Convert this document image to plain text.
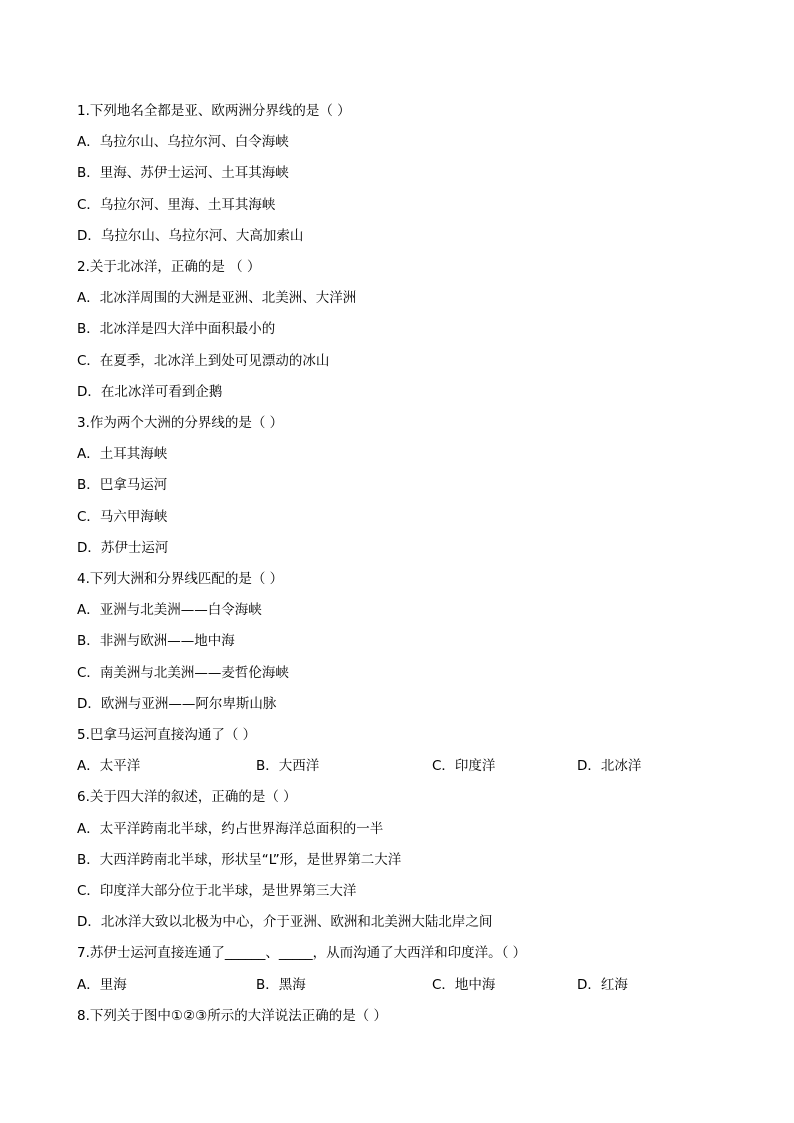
1.下列地名全都是亚、欧两洲分界线的是（ ）
A．乌拉尔山、乌拉尔河、白令海峡
B．里海、苏伊士运河、土耳其海峡
C．乌拉尔河、里海、土耳其海峡
D．乌拉尔山、乌拉尔河、大高加索山
2.关于北冰洋，正确的是 （ ）
A．北冰洋周围的大洲是亚洲、北美洲、大洋洲
B．北冰洋是四大洋中面积最小的
C．在夏季，北冰洋上到处可见漂动的冰山
D．在北冰洋可看到企鹅
3.作为两个大洲的分界线的是（ ）
A．土耳其海峡
B．巴拿马运河
C．马六甲海峡
D．苏伊士运河
4.下列大洲和分界线匹配的是（ ）
A．亚洲与北美洲——白令海峡
B．非洲与欧洲——地中海
C．南美洲与北美洲——麦哲伦海峡
D．欧洲与亚洲——阿尔卑斯山脉
5.巴拿马运河直接沟通了（ ）
A．太平洋	B．大西洋	C．印度洋	D．北冰洋
6.关于四大洋的叙述，正确的是（ ）
A．太平洋跨南北半球，约占世界海洋总面积的一半
B．大西洋跨南北半球，形状呈“L”形，是世界第二大洋
C．印度洋大部分位于北半球，是世界第三大洋
D．北冰洋大致以北极为中心，介于亚洲、欧洲和北美洲大陆北岸之间
7.苏伊士运河直接连通了______、_____，从而沟通了大西洋和印度洋。（ ）
A．里海	B．黑海	C．地中海	D．红海
8.下列关于图中①②③所示的大洋说法正确的是（ ）
